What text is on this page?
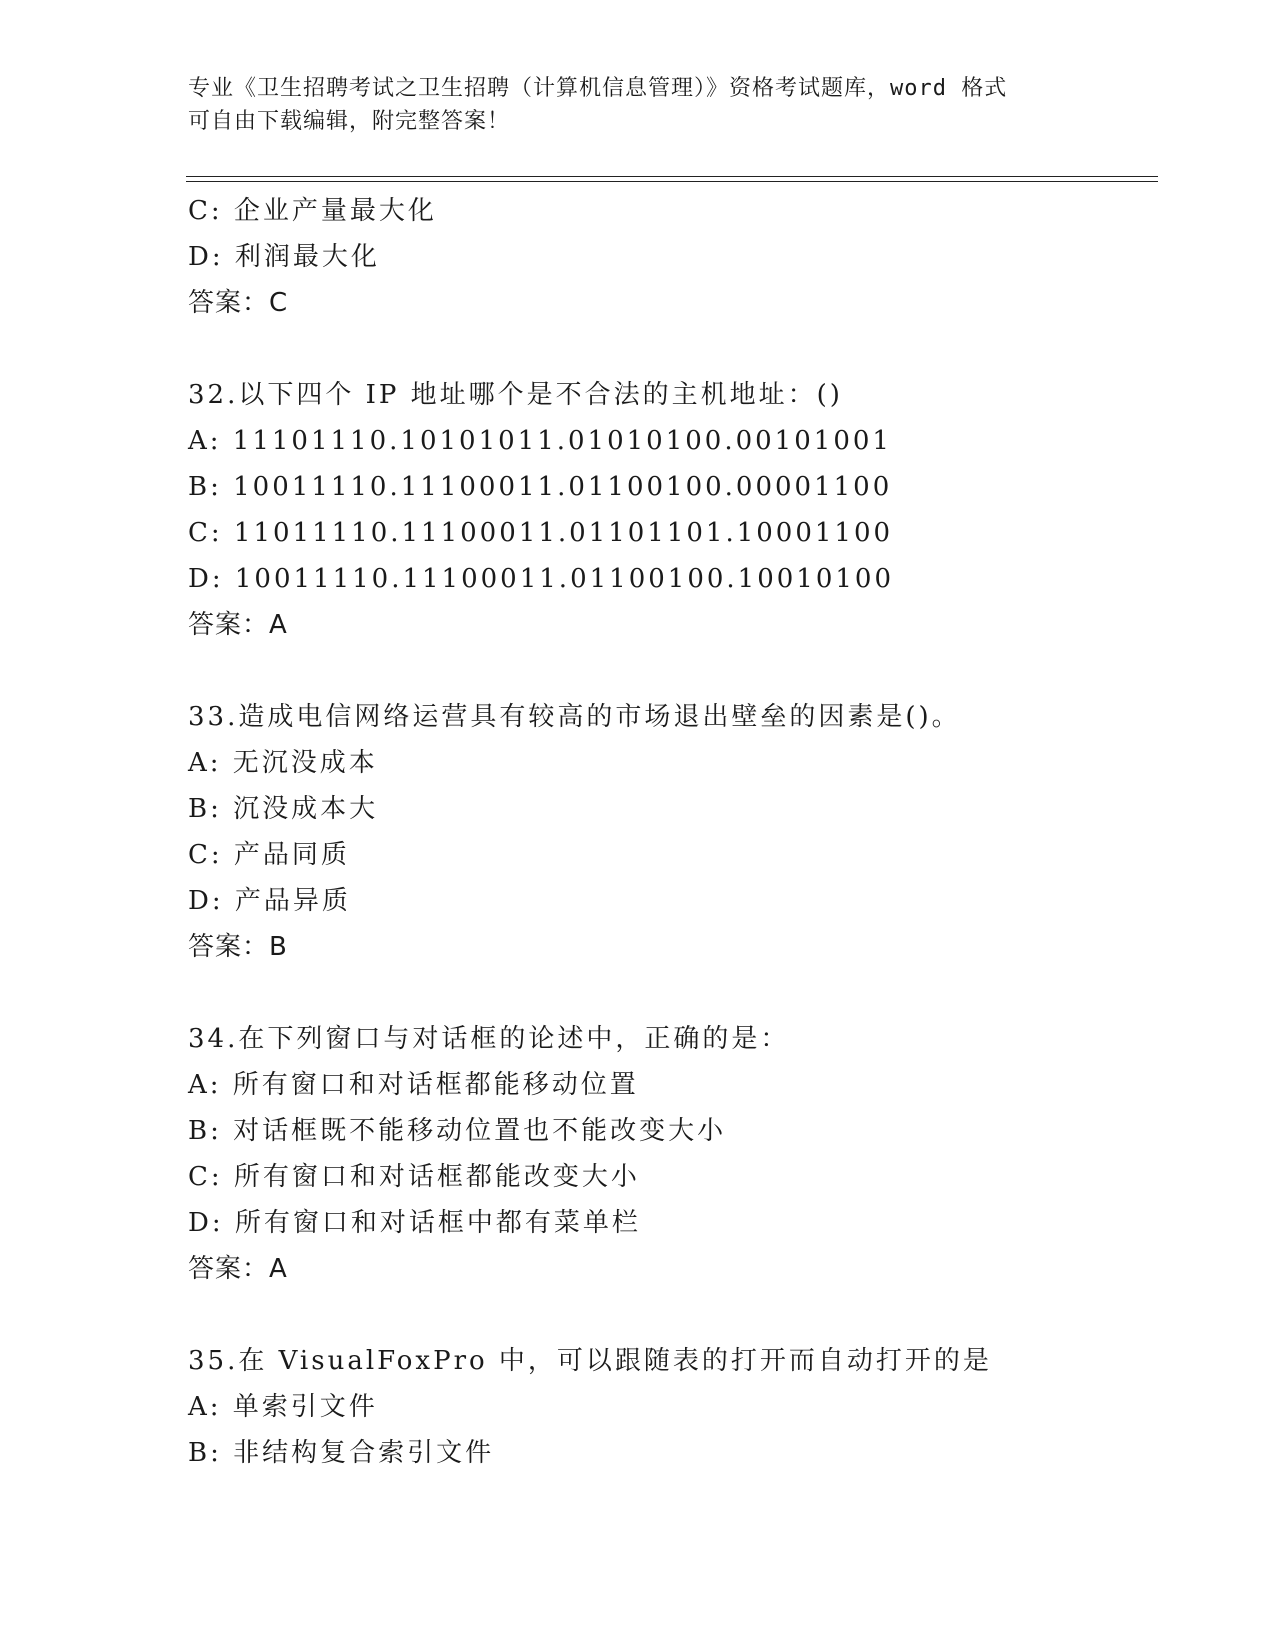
专业《卫生招聘考试之卫生招聘（计算机信息管理）》资格考试题库，word 格式
可自由下载编辑，附完整答案！
C: 企业产量最大化
D: 利润最大化
答案：C
32.以下四个 IP 地址哪个是不合法的主机地址：()
A: 11101110.10101011.01010100.00101001
B: 10011110.11100011.01100100.00001100
C: 11011110.11100011.01101101.10001100
D: 10011110.11100011.01100100.10010100
答案：A
33.造成电信网络运营具有较高的市场退出壁垒的因素是()。
A: 无沉没成本
B: 沉没成本大
C: 产品同质
D: 产品异质
答案：B
34.在下列窗口与对话框的论述中，正确的是：
A: 所有窗口和对话框都能移动位置
B: 对话框既不能移动位置也不能改变大小
C: 所有窗口和对话框都能改变大小
D: 所有窗口和对话框中都有菜单栏
答案：A
35.在 VisualFoxPro 中，可以跟随表的打开而自动打开的是
A: 单索引文件
B: 非结构复合索引文件
